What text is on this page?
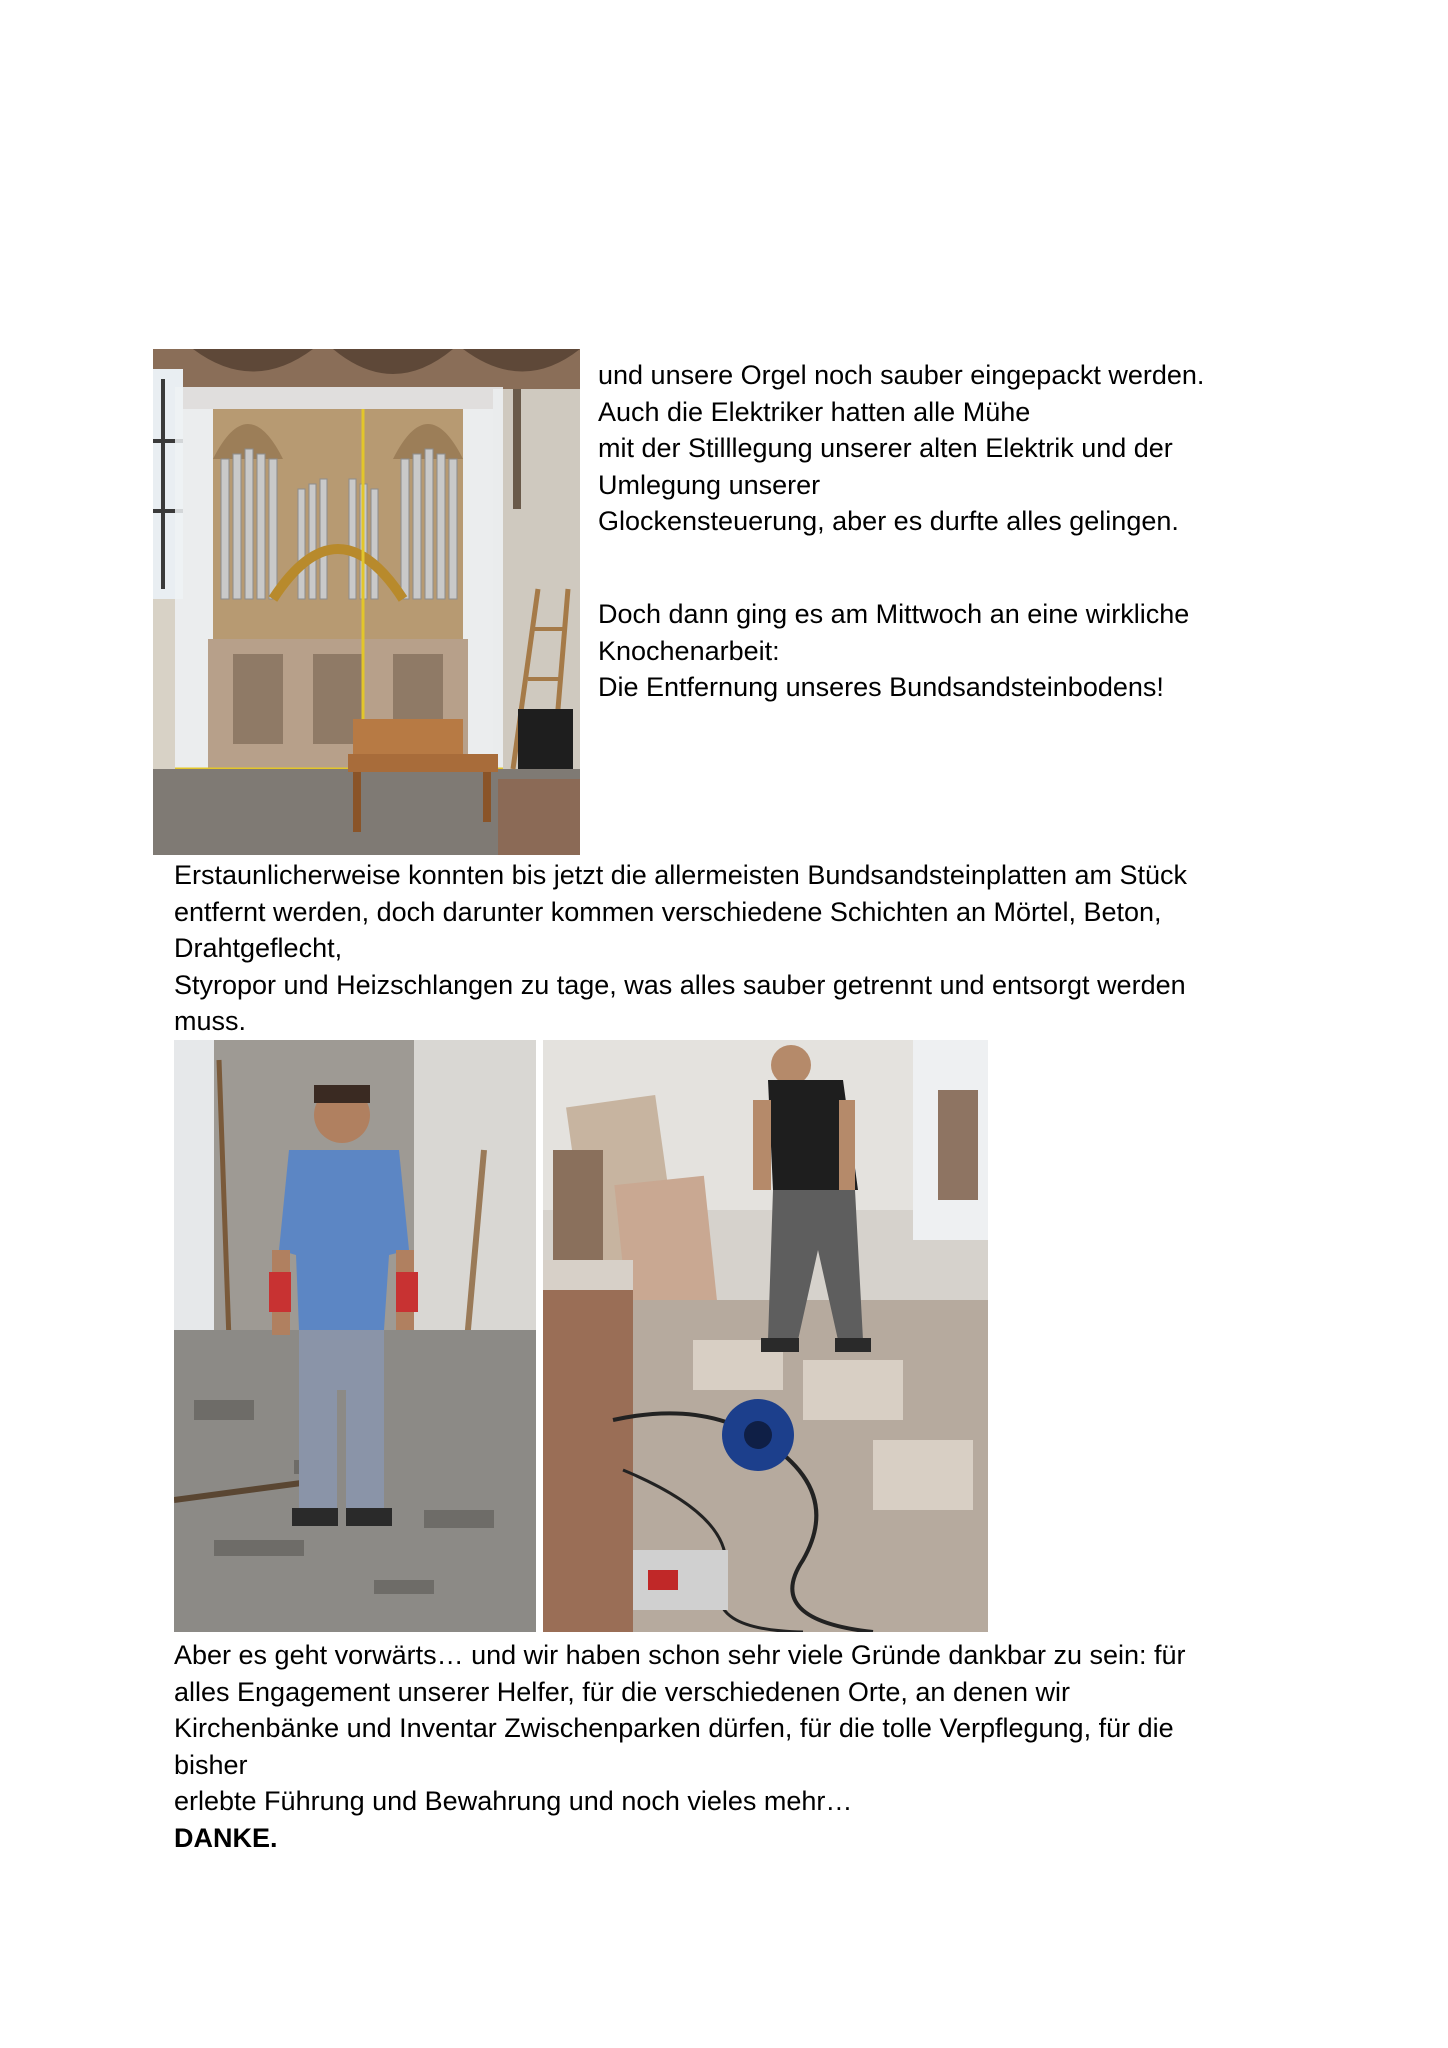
und unsere Orgel noch sauber eingepackt werden.
Auch die Elektriker hatten alle Mühe
mit der Stilllegung unserer alten Elektrik und der
Umlegung unserer
Glockensteuerung, aber es durfte alles gelingen.
Doch dann ging es am Mittwoch an eine wirkliche
Knochenarbeit:
Die Entfernung unseres Bundsandsteinbodens!
Erstaunlicherweise konnten bis jetzt die allermeisten Bundsandsteinplatten am Stück
entfernt werden, doch darunter kommen verschiedene Schichten an Mörtel, Beton,
Drahtgeflecht,
Styropor und Heizschlangen zu tage, was alles sauber getrennt und entsorgt werden
muss.
Aber es geht vorwärts… und wir haben schon sehr viele Gründe dankbar zu sein: für
alles Engagement unserer Helfer, für die verschiedenen Orte, an denen wir
Kirchenbänke und Inventar Zwischenparken dürfen, für die tolle Verpflegung, für die
bisher
erlebte Führung und Bewahrung und noch vieles mehr…
DANKE.
